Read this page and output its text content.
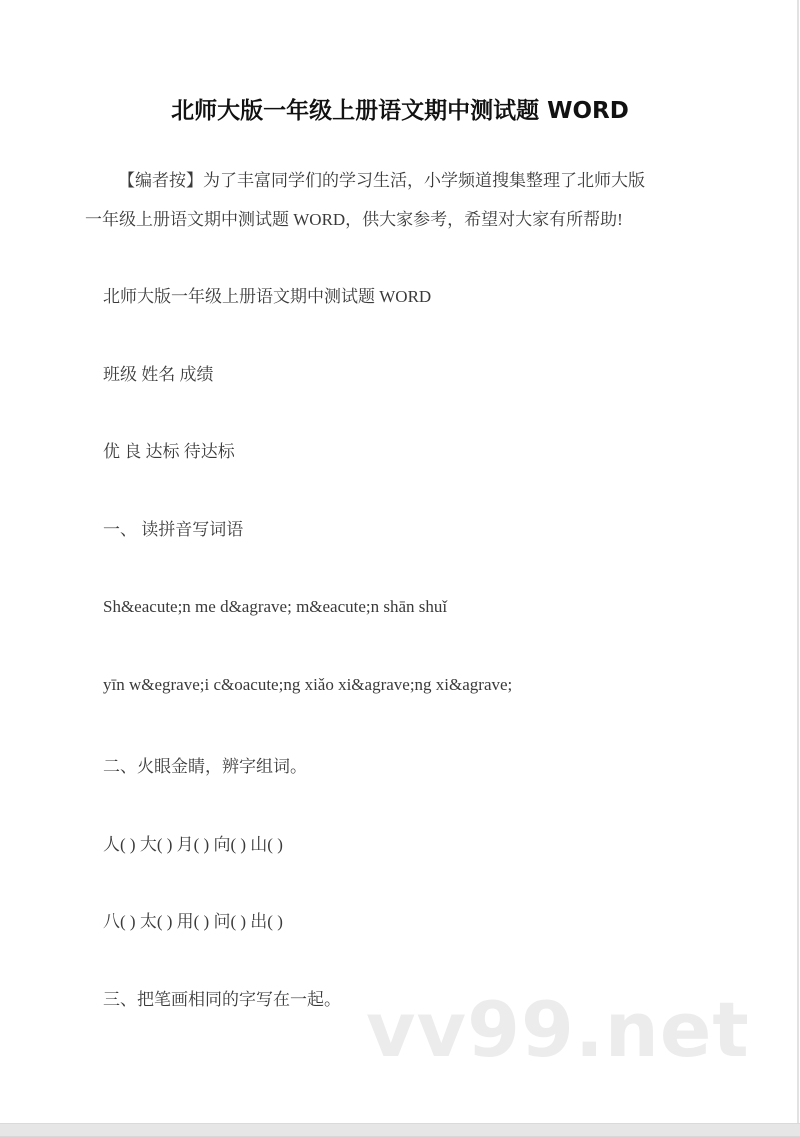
北师大版一年级上册语文期中测试题 WORD
【编者按】为了丰富同学们的学习生活，小学频道搜集整理了北师大版
一年级上册语文期中测试题 WORD，供大家参考，希望对大家有所帮助!
北师大版一年级上册语文期中测试题 WORD
班级 姓名 成绩
优 良 达标 待达标
一、 读拼音写词语
Sh&eacute;n me d&agrave; m&eacute;n shān shuǐ
yīn w&egrave;i c&oacute;ng xiǎo xi&agrave;ng xi&agrave;
二、火眼金睛，辨字组词。
人( ) 大( ) 月( ) 向( ) 山( )
八( ) 太( ) 用( ) 问( ) 出( )
三、把笔画相同的字写在一起。 vv99.net
